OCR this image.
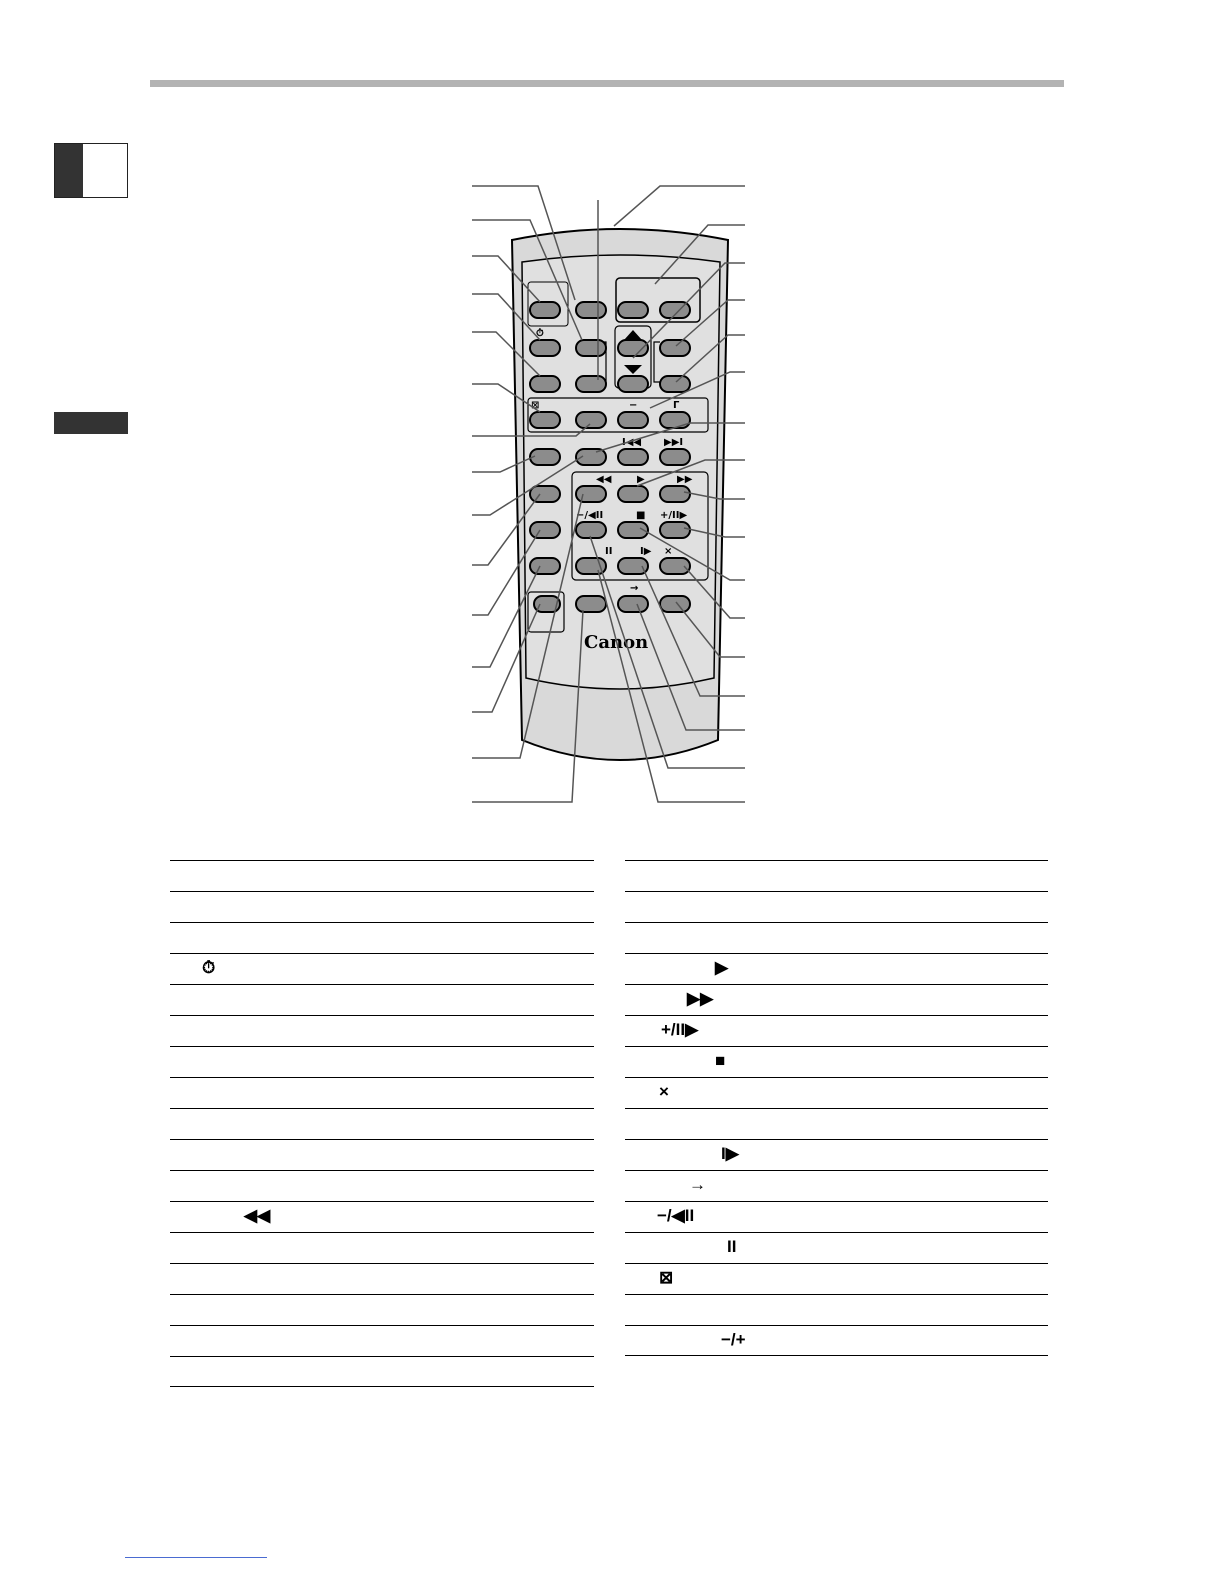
⏱
⊠	−	Γ
I◀◀ ▶▶I
◀◀	▶	▶▶
−/◀II	■ +/II▶
II	I▶ ×
→
Canon
⏱
◀◀
▶
▶▶
+/II▶
■
×
I▶
→
−/◀II
II
⊠
−/+
